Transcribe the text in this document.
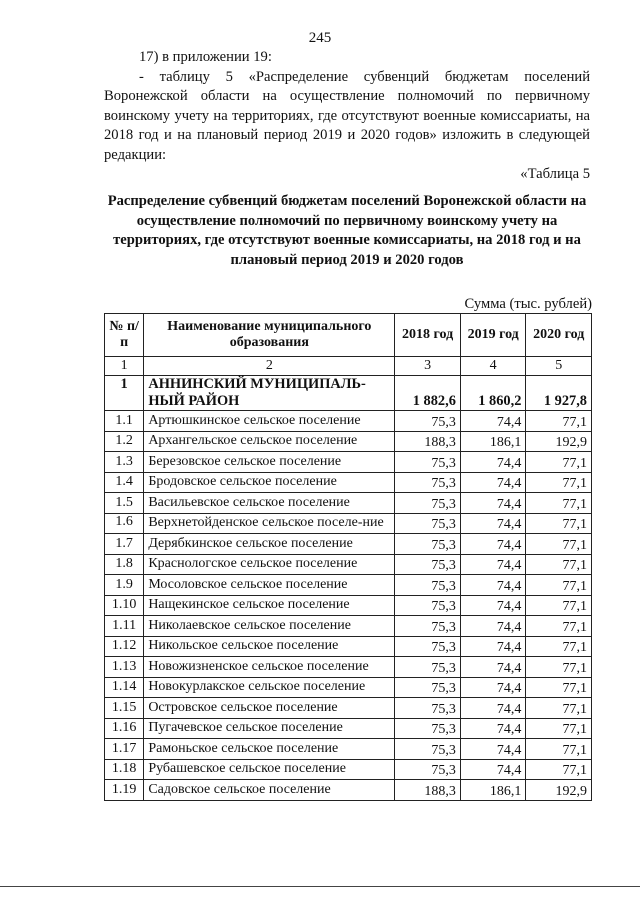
245

17) в приложении 19:

- таблицу 5 «Распределение субвенций бюджетам поселений Воронежской области на осуществление полномочий по первичному воинскому учету на территориях, где отсутствуют военные комиссариаты, на 2018 год и на плановый период 2019 и 2020 годов» изложить в следующей редакции:

«Таблица 5

Распределение субвенций бюджетам поселений Воронежской области на осуществление полномочий по первичному воинскому учету на территориях, где отсутствуют военные комиссариаты, на 2018 год и на плановый период 2019 и 2020 годов
Сумма (тыс. рублей)
№ п/п	Наименование муниципального образования	2018 год	2019 год	2020 год
1	2	3	4	5
1	АННИНСКИЙ МУНИЦИПАЛЬ-НЫЙ РАЙОН	1 882,6	1 860,2	1 927,8
1.1	Артюшкинское сельское поселение	75,3	74,4	77,1
1.2	Архангельское сельское поселение	188,3	186,1	192,9
1.3	Березовское сельское поселение	75,3	74,4	77,1
1.4	Бродовское сельское поселение	75,3	74,4	77,1
1.5	Васильевское сельское поселение	75,3	74,4	77,1
1.6	Верхнетойденское сельское поселе-ние	75,3	74,4	77,1
1.7	Дерябкинское сельское поселение	75,3	74,4	77,1
1.8	Краснологское сельское поселение	75,3	74,4	77,1
1.9	Мосоловское сельское поселение	75,3	74,4	77,1
1.10	Нащекинское сельское поселение	75,3	74,4	77,1
1.11	Николаевское сельское поселение	75,3	74,4	77,1
1.12	Никольское сельское поселение	75,3	74,4	77,1
1.13	Новожизненское сельское поселение	75,3	74,4	77,1
1.14	Новокурлакское сельское поселение	75,3	74,4	77,1
1.15	Островское сельское поселение	75,3	74,4	77,1
1.16	Пугачевское сельское поселение	75,3	74,4	77,1
1.17	Рамоньское сельское поселение	75,3	74,4	77,1
1.18	Рубашевское сельское поселение	75,3	74,4	77,1
1.19	Садовское сельское поселение	188,3	186,1	192,9
